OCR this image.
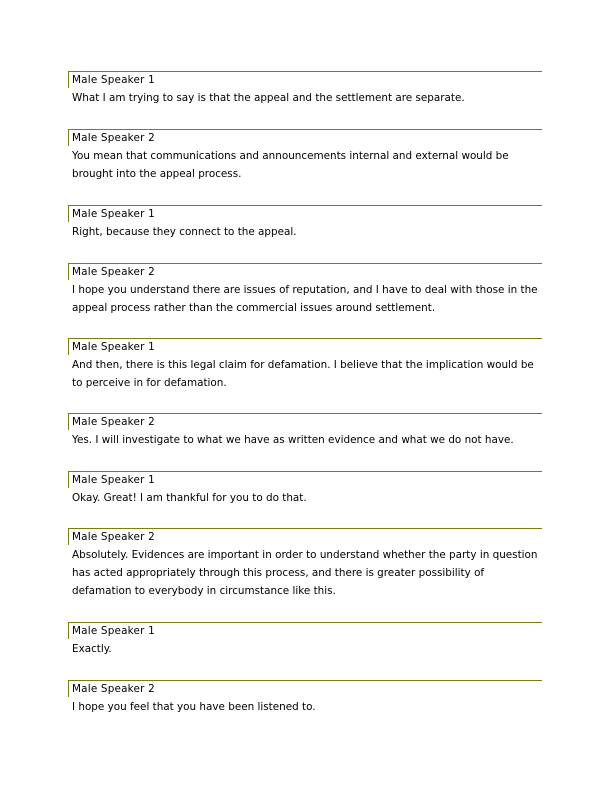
Male Speaker 1
What I am trying to say is that the appeal and the settlement are separate.
Male Speaker 2
You mean that communications and announcements internal and external would be brought into the appeal process.
Male Speaker 1
Right, because they connect to the appeal.
Male Speaker 2
I hope you understand there are issues of reputation, and I have to deal with those in the appeal process rather than the commercial issues around settlement.
Male Speaker 1
And then, there is this legal claim for defamation. I believe that the implication would be to perceive in for defamation.
Male Speaker 2
Yes. I will investigate to what we have as written evidence and what we do not have.
Male Speaker 1
Okay. Great! I am thankful for you to do that.
Male Speaker 2
Absolutely. Evidences are important in order to understand whether the party in question has acted appropriately through this process, and there is greater possibility of defamation to everybody in circumstance like this.
Male Speaker 1
Exactly.
Male Speaker 2
I hope you feel that you have been listened to.
